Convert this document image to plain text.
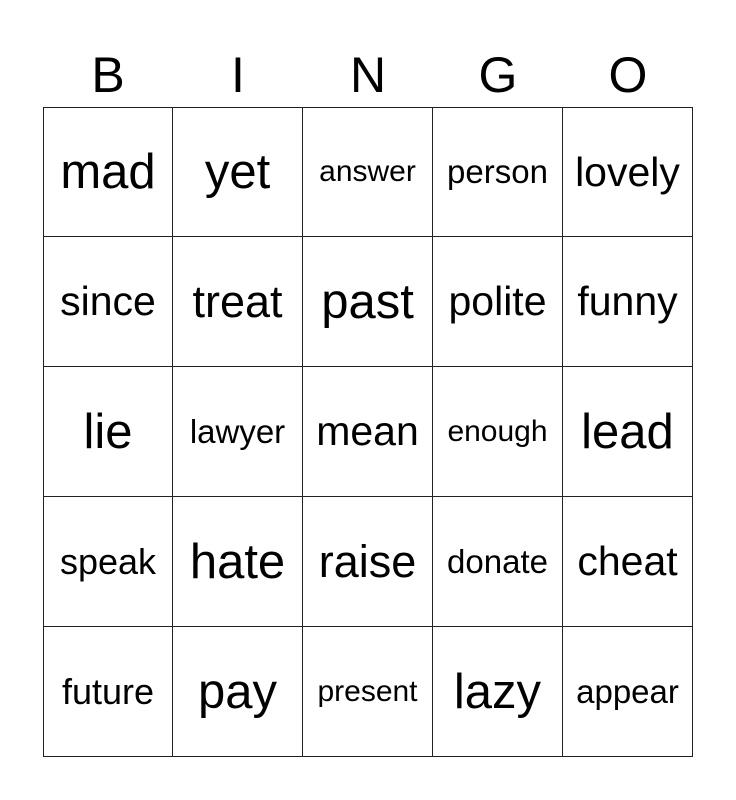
B	I	N	G	O
mad	yet	answer person lovely
since treat past polite funny
lie	lawyer mean enough lead
speak hate raise donate cheat
future pay	present lazy	appear
